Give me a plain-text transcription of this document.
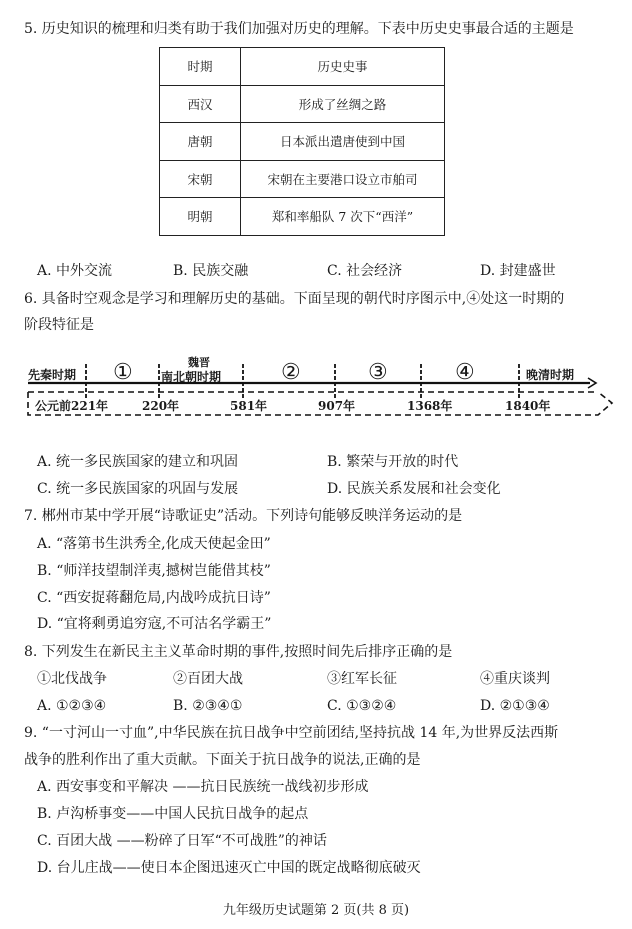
5. 历史知识的梳理和归类有助于我们加强对历史的理解。下表中历史史事最合适的主题是
时期	历史史事
西汉	形成了丝绸之路
唐朝	日本派出遣唐使到中国
宋朝	宋朝在主要港口设立市舶司
明朝	郑和率船队 7 次下“西洋”
A. 中外交流	B. 民族交融	C. 社会经济	D. 封建盛世
6. 具备时空观念是学习和理解历史的基础。下面呈现的朝代时序图示中,④处这一时期的
阶段特征是
先秦时期 ①	魏晋
南北朝时期	②	③	④	晚清时期
公元前221年	220年	581年	907年	1368年	1840年
A. 统一多民族国家的建立和巩固	B. 繁荣与开放的时代
C. 统一多民族国家的巩固与发展	D. 民族关系发展和社会变化
7. 郴州市某中学开展“诗歌证史”活动。下列诗句能够反映洋务运动的是
A. “落第书生洪秀全,化成天使起金田”
B. “师洋技望制洋夷,撼树岂能借其枝”
C. “西安捉蒋翻危局,内战吟成抗日诗”
D. “宜将剩勇追穷寇,不可沽名学霸王”
8. 下列发生在新民主主义革命时期的事件,按照时间先后排序正确的是
①北伐战争	②百团大战	③红军长征	④重庆谈判
A. ①②③④	B. ②③④①	C. ①③②④	D. ②①③④
9. “一寸河山一寸血”,中华民族在抗日战争中空前团结,坚持抗战 14 年,为世界反法西斯
战争的胜利作出了重大贡献。下面关于抗日战争的说法,正确的是
A. 西安事变和平解决 ——抗日民族统一战线初步形成
B. 卢沟桥事变——中国人民抗日战争的起点
C. 百团大战 ——粉碎了日军“不可战胜”的神话
D. 台儿庄战——使日本企图迅速灭亡中国的既定战略彻底破灭
九年级历史试题第 2 页(共 8 页)
